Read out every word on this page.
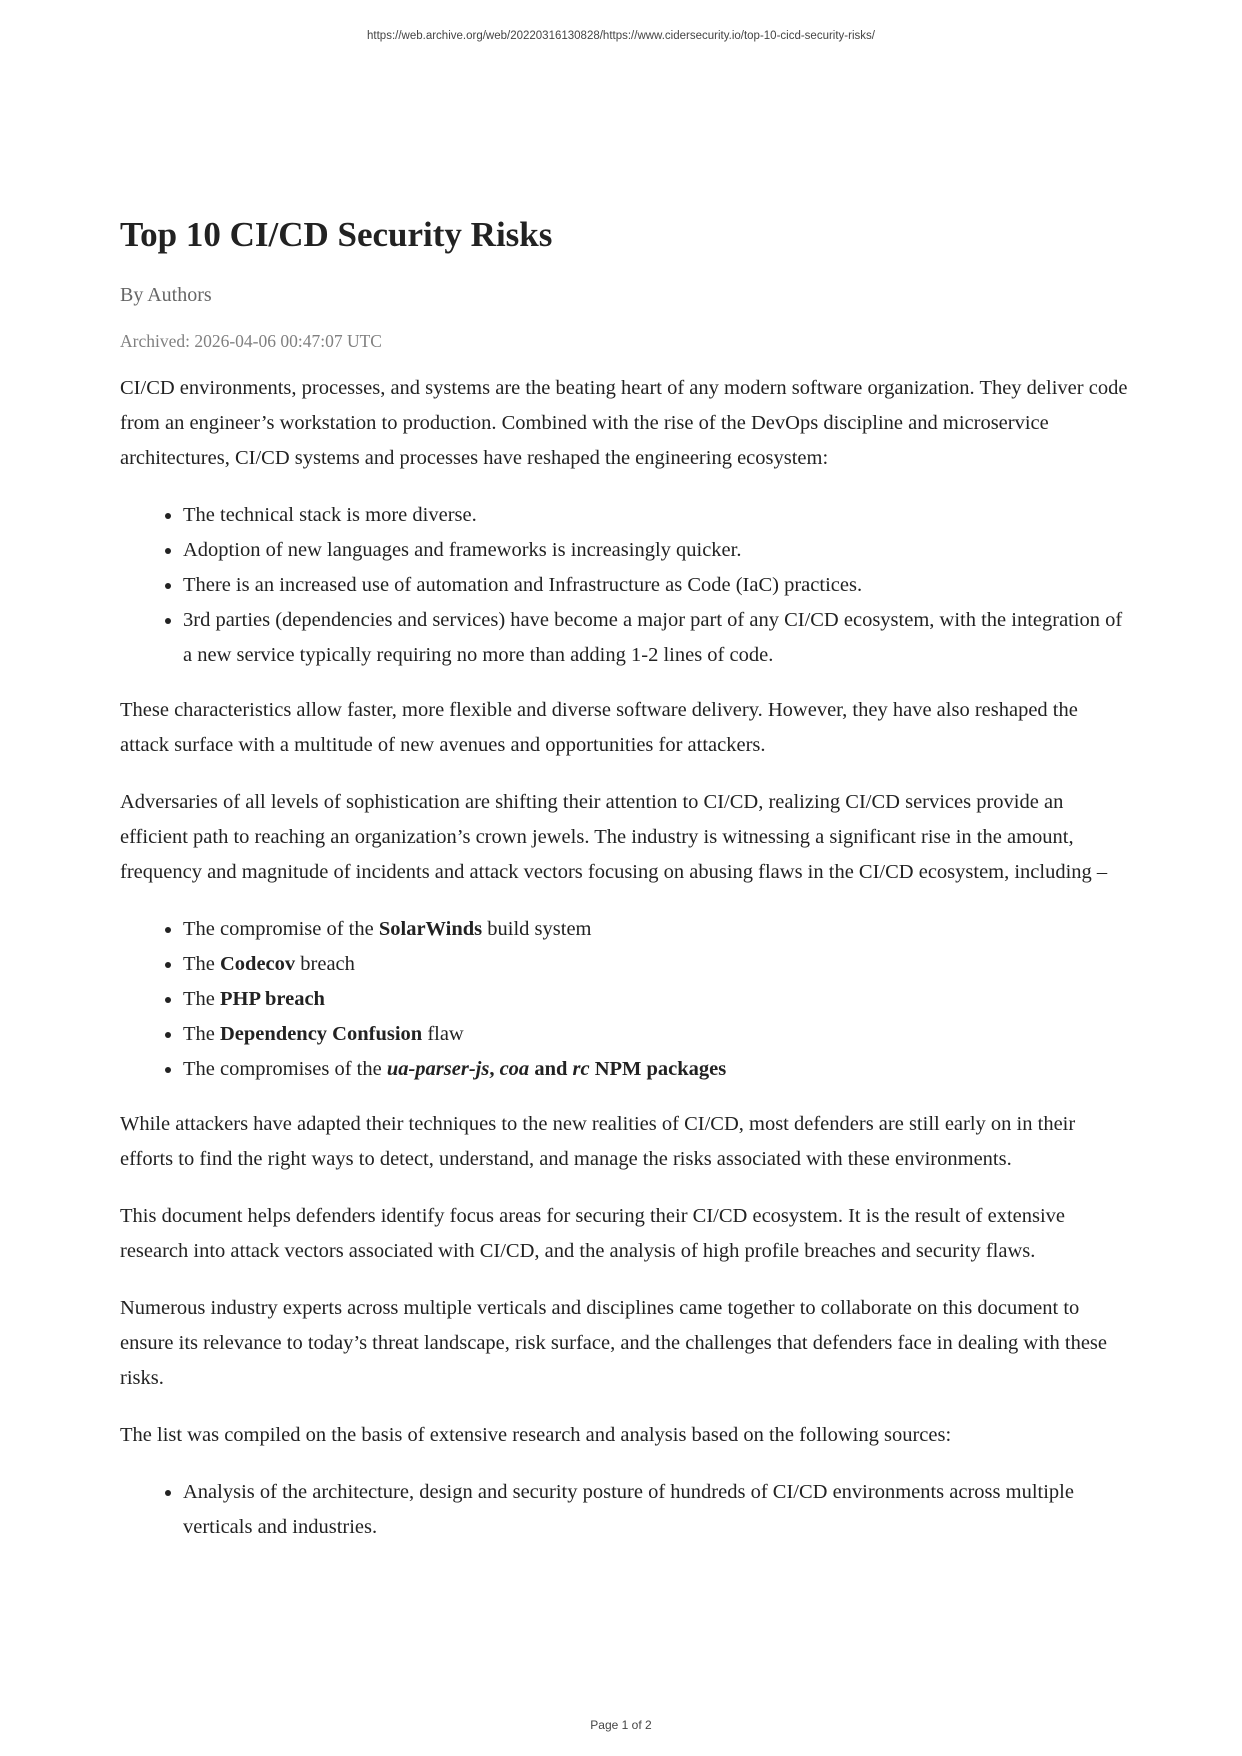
https://web.archive.org/web/20220316130828/https://www.cidersecurity.io/top-10-cicd-security-risks/
Top 10 CI/CD Security Risks
By Authors
Archived: 2026-04-06 00:47:07 UTC

CI/CD environments, processes, and systems are the beating heart of any modern software organization. They deliver code from an engineer’s workstation to production. Combined with the rise of the DevOps discipline and microservice architectures, CI/CD systems and processes have reshaped the engineering ecosystem:

• The technical stack is more diverse.
• Adoption of new languages and frameworks is increasingly quicker.
• There is an increased use of automation and Infrastructure as Code (IaC) practices.
• 3rd parties (dependencies and services) have become a major part of any CI/CD ecosystem, with the integration of a new service typically requiring no more than adding 1-2 lines of code.

These characteristics allow faster, more flexible and diverse software delivery. However, they have also reshaped the attack surface with a multitude of new avenues and opportunities for attackers.

Adversaries of all levels of sophistication are shifting their attention to CI/CD, realizing CI/CD services provide an efficient path to reaching an organization’s crown jewels. The industry is witnessing a significant rise in the amount, frequency and magnitude of incidents and attack vectors focusing on abusing flaws in the CI/CD ecosystem, including –

• The compromise of the SolarWinds build system
• The Codecov breach
• The PHP breach
• The Dependency Confusion flaw
• The compromises of the ua-parser-js, coa and rc NPM packages

While attackers have adapted their techniques to the new realities of CI/CD, most defenders are still early on in their efforts to find the right ways to detect, understand, and manage the risks associated with these environments.

This document helps defenders identify focus areas for securing their CI/CD ecosystem. It is the result of extensive research into attack vectors associated with CI/CD, and the analysis of high profile breaches and security flaws.

Numerous industry experts across multiple verticals and disciplines came together to collaborate on this document to ensure its relevance to today’s threat landscape, risk surface, and the challenges that defenders face in dealing with these risks.

The list was compiled on the basis of extensive research and analysis based on the following sources:

• Analysis of the architecture, design and security posture of hundreds of CI/CD environments across multiple verticals and industries.
Page 1 of 2
